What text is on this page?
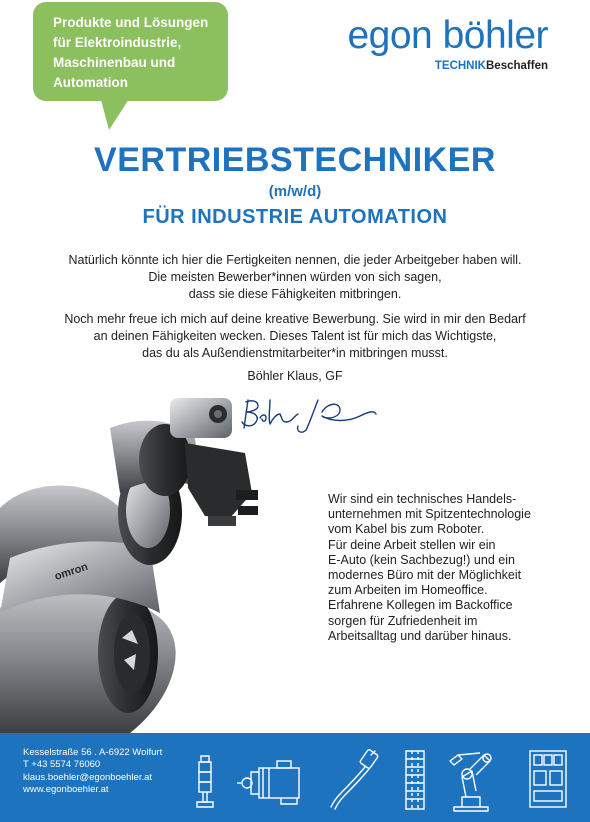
Produkte und Lösungen
für Elektroindustrie,
Maschinenbau und
Automation
egon böhler
TECHNIKBeschaffen
VERTRIEBSTECHNIKER
(m/w/d)
FÜR INDUSTRIE AUTOMATION
Natürlich könnte ich hier die Fertigkeiten nennen, die jeder Arbeitgeber haben will.
Die meisten Bewerber*innen würden von sich sagen,
dass sie diese Fähigkeiten mitbringen.
Noch mehr freue ich mich auf deine kreative Bewerbung. Sie wird in mir den Bedarf
an deinen Fähigkeiten wecken. Dieses Talent ist für mich das Wichtigste,
das du als Außendienstmitarbeiter*in mitbringen musst.
Böhler Klaus, GF
omron
Wir sind ein technisches Handels-
unternehmen mit Spitzentechnologie
vom Kabel bis zum Roboter.
Für deine Arbeit stellen wir ein
E-Auto (kein Sachbezug!) und ein
modernes Büro mit der Möglichkeit
zum Arbeiten im Homeoffice.
Erfahrene Kollegen im Backoffice
sorgen für Zufriedenheit im
Arbeitsalltag und darüber hinaus.
Kesselstraße 56 . A-6922 Wolfurt
T +43 5574 76060
klaus.boehler@egonboehler.at
www.egonboehler.at
